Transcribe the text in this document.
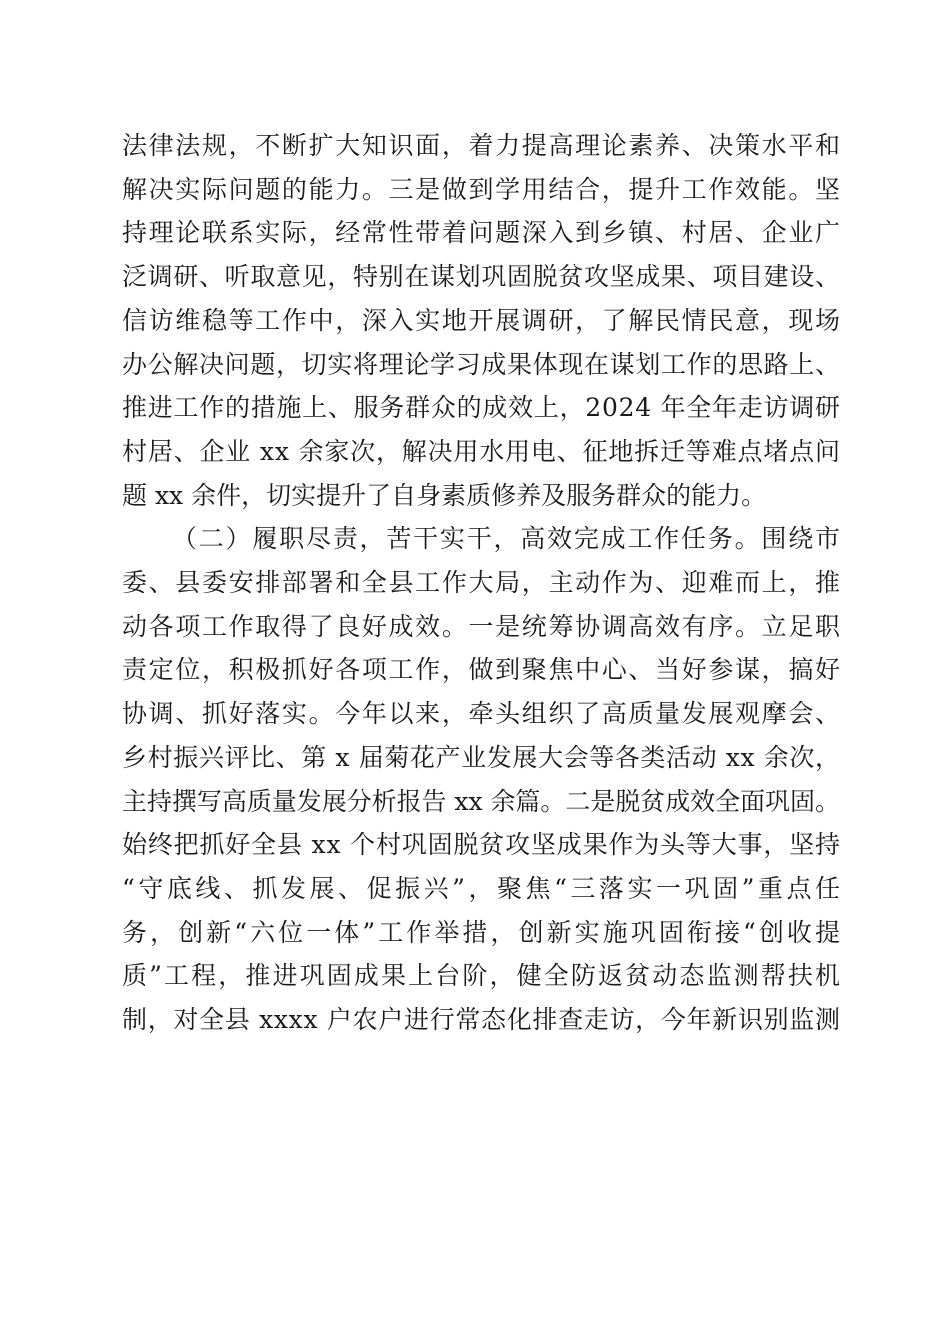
法律法规，不断扩大知识面，着力提高理论素养、决策水平和
解决实际问题的能力。三是做到学用结合，提升工作效能。坚
持理论联系实际，经常性带着问题深入到乡镇、村居、企业广
泛调研、听取意见，特别在谋划巩固脱贫攻坚成果、项目建设、
信访维稳等工作中，深入实地开展调研，了解民情民意，现场
办公解决问题，切实将理论学习成果体现在谋划工作的思路上、
推进工作的措施上、服务群众的成效上，2024 年全年走访调研
村居、企业 xx 余家次，解决用水用电、征地拆迁等难点堵点问
题 xx 余件，切实提升了自身素质修养及服务群众的能力。
（二）履职尽责，苦干实干，高效完成工作任务。围绕市
委、县委安排部署和全县工作大局，主动作为、迎难而上，推
动各项工作取得了良好成效。一是统筹协调高效有序。立足职
责定位，积极抓好各项工作，做到聚焦中心、当好参谋，搞好
协调、抓好落实。今年以来，牵头组织了高质量发展观摩会、
乡村振兴评比、第 x 届菊花产业发展大会等各类活动 xx 余次，
主持撰写高质量发展分析报告 xx 余篇。二是脱贫成效全面巩固。
始终把抓好全县 xx 个村巩固脱贫攻坚成果作为头等大事，坚持
“守底线、抓发展、促振兴”，聚焦“三落实一巩固”重点任
务，创新“六位一体”工作举措，创新实施巩固衔接“创收提
质”工程，推进巩固成果上台阶，健全防返贫动态监测帮扶机
制，对全县 xxxx 户农户进行常态化排查走访，今年新识别监测
